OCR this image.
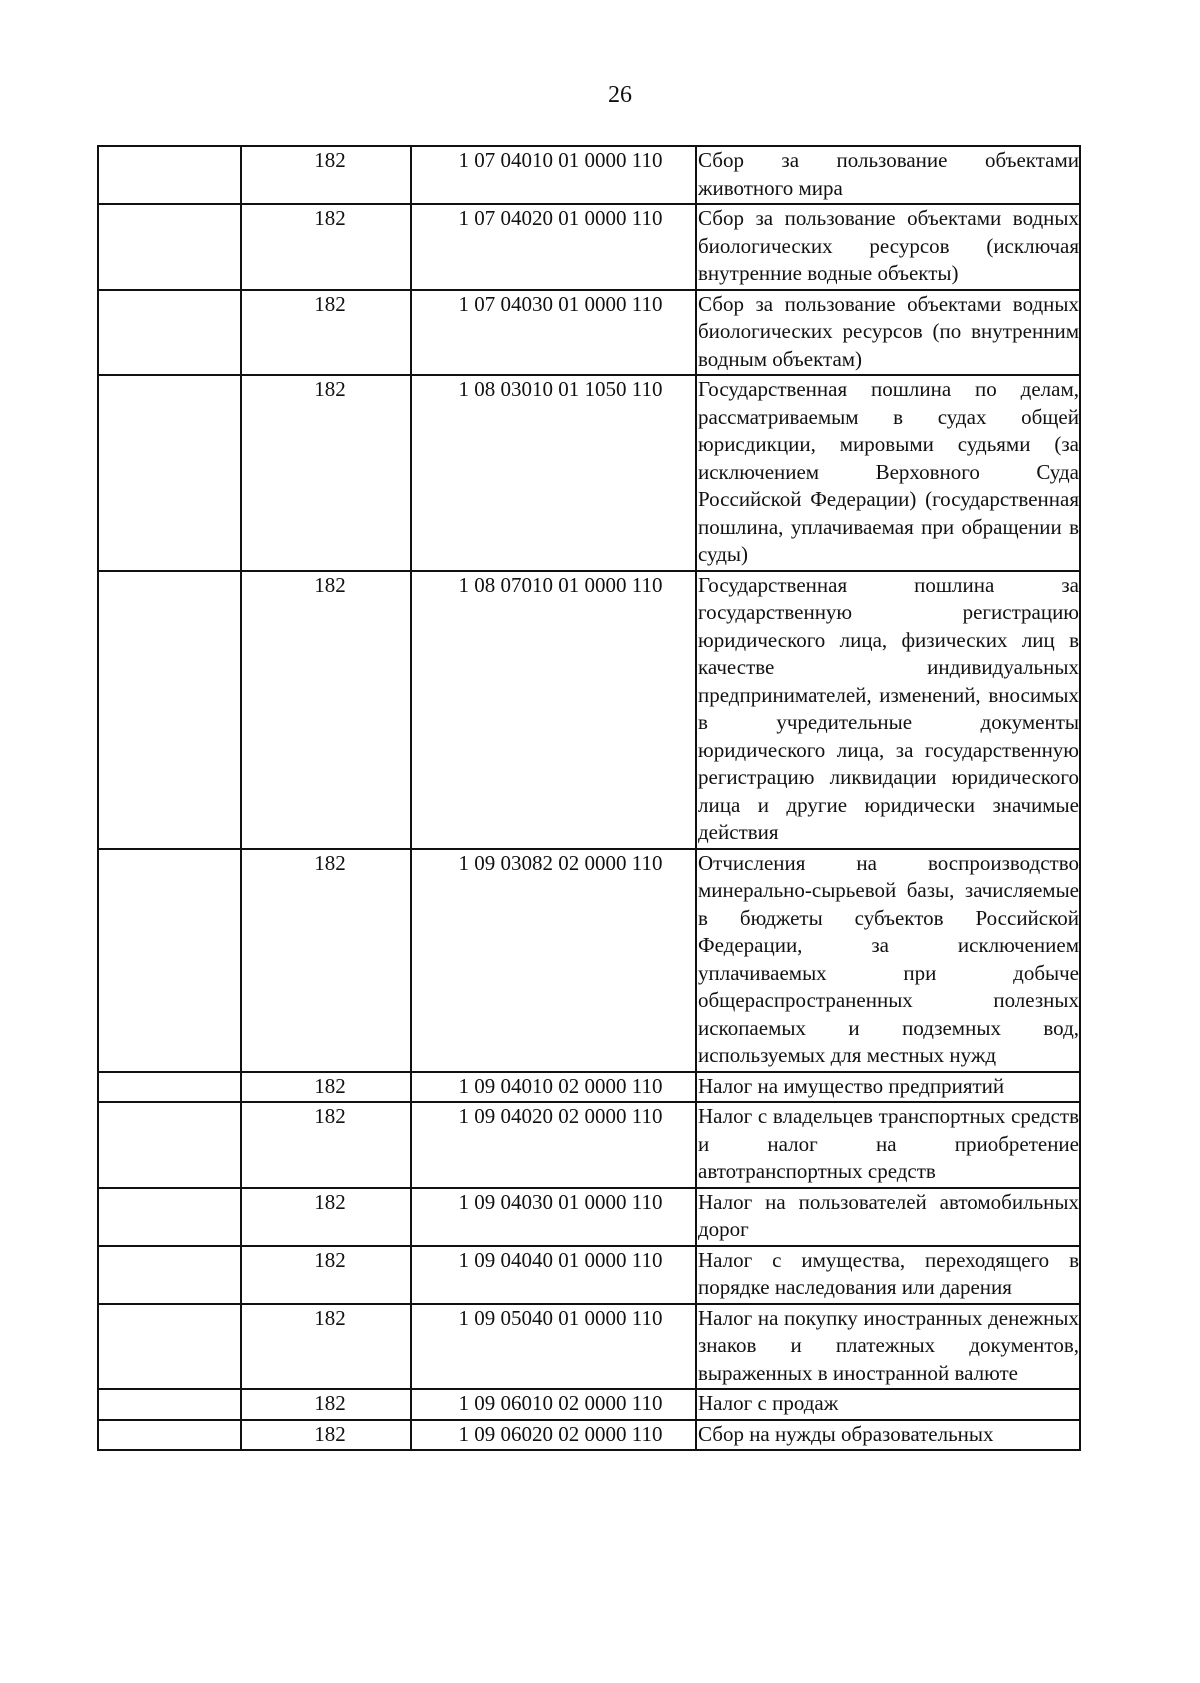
26
	182	1 07 04010 01 0000 110	Сбор за пользование объектами животного мира
	182	1 07 04020 01 0000 110	Сбор за пользование объектами водных биологических ресурсов (исключая внутренние водные объекты)
	182	1 07 04030 01 0000 110	Сбор за пользование объектами водных биологических ресурсов (по внутренним водным объектам)
	182	1 08 03010 01 1050 110	Государственная пошлина по делам, рассматриваемым в судах общей юрисдикции, мировыми судьями (за исключением Верховного Суда Российской Федерации) (государственная пошлина, уплачиваемая при обращении в суды)
	182	1 08 07010 01 0000 110	Государственная пошлина за государственную регистрацию юридического лица, физических лиц в качестве индивидуальных предпринимателей, изменений, вносимых в учредительные документы юридического лица, за государственную регистрацию ликвидации юридического лица и другие юридически значимые действия
	182	1 09 03082 02 0000 110	Отчисления на воспроизводство минерально-сырьевой базы, зачисляемые в бюджеты субъектов Российской Федерации, за исключением уплачиваемых при добыче общераспространенных полезных ископаемых и подземных вод, используемых для местных нужд
	182	1 09 04010 02 0000 110	Налог на имущество предприятий
	182	1 09 04020 02 0000 110	Налог с владельцев транспортных средств и налог на приобретение автотранспортных средств
	182	1 09 04030 01 0000 110	Налог на пользователей автомобильных дорог
	182	1 09 04040 01 0000 110	Налог с имущества, переходящего в порядке наследования или дарения
	182	1 09 05040 01 0000 110	Налог на покупку иностранных денежных знаков и платежных документов, выраженных в иностранной валюте
	182	1 09 06010 02 0000 110	Налог с продаж
	182	1 09 06020 02 0000 110	Сбор на нужды образовательных
